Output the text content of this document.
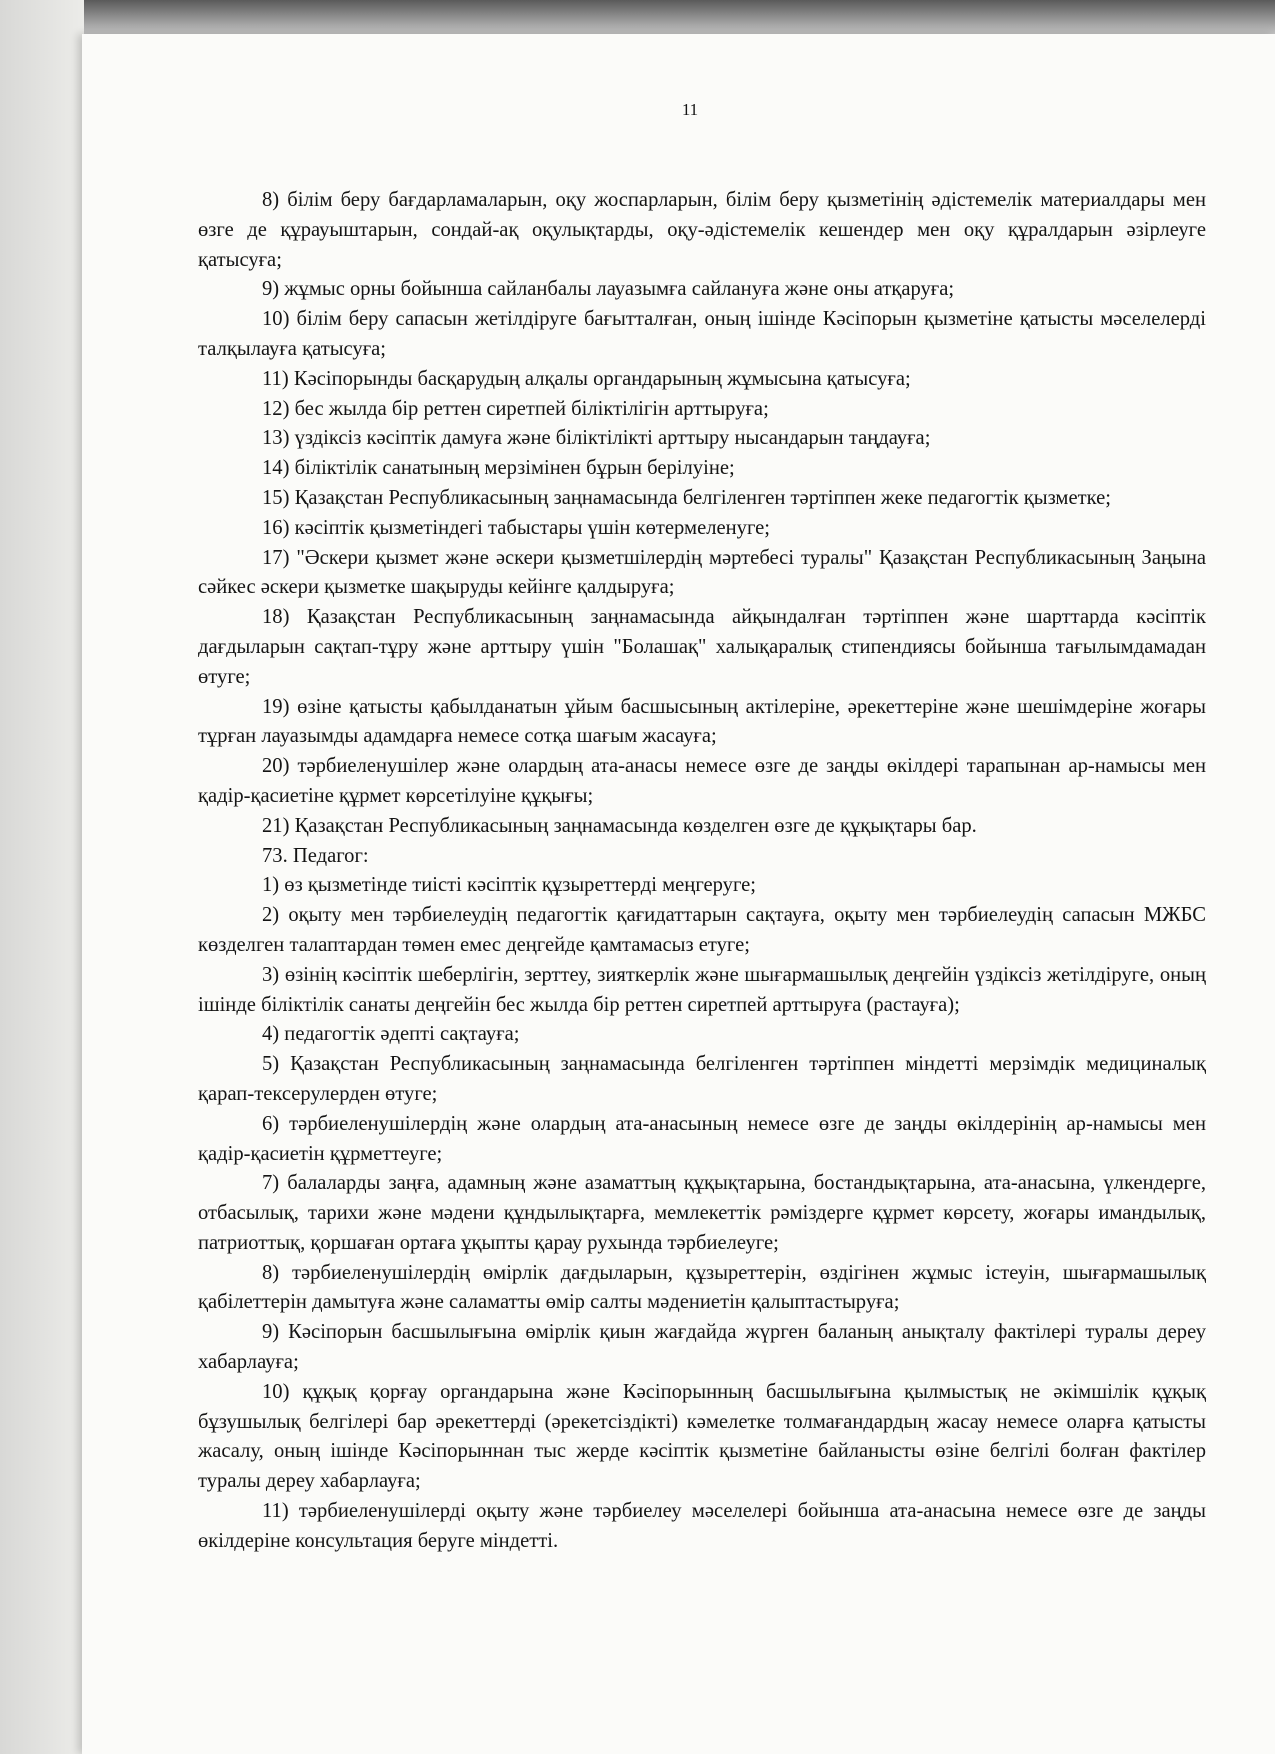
11

8) білім беру бағдарламаларын, оқу жоспарларын, білім беру қызметінің әдістемелік материалдары мен өзге де құрауыштарын, сондай-ақ оқулықтарды, оқу-әдістемелік кешендер мен оқу құралдарын әзірлеуге қатысуға;

9) жұмыс орны бойынша сайланбалы лауазымға сайлануға және оны атқаруға;

10) білім беру сапасын жетілдіруге бағытталған, оның ішінде Кәсіпорын қызметіне қатысты мәселелерді талқылауға қатысуға;

11) Кәсіпорынды басқарудың алқалы органдарының жұмысына қатысуға;

12) бес жылда бір реттен сиретпей біліктілігін арттыруға;

13) үздіксіз кәсіптік дамуға және біліктілікті арттыру нысандарын таңдауға;

14) біліктілік санатының мерзімінен бұрын берілуіне;

15) Қазақстан Республикасының заңнамасында белгіленген тәртіппен жеке педагогтік қызметке;

16) кәсіптік қызметіндегі табыстары үшін көтермеленуге;

17) "Әскери қызмет және әскери қызметшілердің мәртебесі туралы" Қазақстан Республикасының Заңына сәйкес әскери қызметке шақыруды кейінге қалдыруға;

18) Қазақстан Республикасының заңнамасында айқындалған тәртіппен және шарттарда кәсіптік дағдыларын сақтап-тұру және арттыру үшін "Болашақ" халықаралық стипендиясы бойынша тағылымдамадан өтуге;

19) өзіне қатысты қабылданатын ұйым басшысының актілеріне, әрекеттеріне және шешімдеріне жоғары тұрған лауазымды адамдарға немесе сотқа шағым жасауға;

20) тәрбиеленушілер және олардың ата-анасы немесе өзге де заңды өкілдері тарапынан ар-намысы мен қадір-қасиетіне құрмет көрсетілуіне құқығы;

21) Қазақстан Республикасының заңнамасында көзделген өзге де құқықтары бар.

73. Педагог:

1) өз қызметінде тиісті кәсіптік құзыреттерді меңгеруге;

2) оқыту мен тәрбиелеудің педагогтік қағидаттарын сақтауға, оқыту мен тәрбиелеудің сапасын МЖБС көзделген талаптардан төмен емес деңгейде қамтамасыз етуге;

3) өзінің кәсіптік шеберлігін, зерттеу, зияткерлік және шығармашылық деңгейін үздіксіз жетілдіруге, оның ішінде біліктілік санаты деңгейін бес жылда бір реттен сиретпей арттыруға (растауға);

4) педагогтік әдепті сақтауға;

5) Қазақстан Республикасының заңнамасында белгіленген тәртіппен міндетті мерзімдік медициналық қарап-тексерулерден өтуге;

6) тәрбиеленушілердің және олардың ата-анасының немесе өзге де заңды өкілдерінің ар-намысы мен қадір-қасиетін құрметтеуге;

7) балаларды заңға, адамның және азаматтың құқықтарына, бостандықтарына, ата-анасына, үлкендерге, отбасылық, тарихи және мәдени құндылықтарға, мемлекеттік рәміздерге құрмет көрсету, жоғары имандылық, патриоттық, қоршаған ортаға ұқыпты қарау рухында тәрбиелеуге;

8) тәрбиеленушілердің өмірлік дағдыларын, құзыреттерін, өздігінен жұмыс істеуін, шығармашылық қабілеттерін дамытуға және саламатты өмір салты мәдениетін қалыптастыруға;

9) Кәсіпорын басшылығына өмірлік қиын жағдайда жүрген баланың анықталу фактілері туралы дереу хабарлауға;

10) құқық қорғау органдарына және Кәсіпорынның басшылығына қылмыстық не әкімшілік құқық бұзушылық белгілері бар әрекеттерді (әрекетсіздікті) кәмелетке толмағандардың жасау немесе оларға қатысты жасалу, оның ішінде Кәсіпорыннан тыс жерде кәсіптік қызметіне байланысты өзіне белгілі болған фактілер туралы дереу хабарлауға;

11) тәрбиеленушілерді оқыту және тәрбиелеу мәселелері бойынша ата-анасына немесе өзге де заңды өкілдеріне консультация беруге міндетті.
